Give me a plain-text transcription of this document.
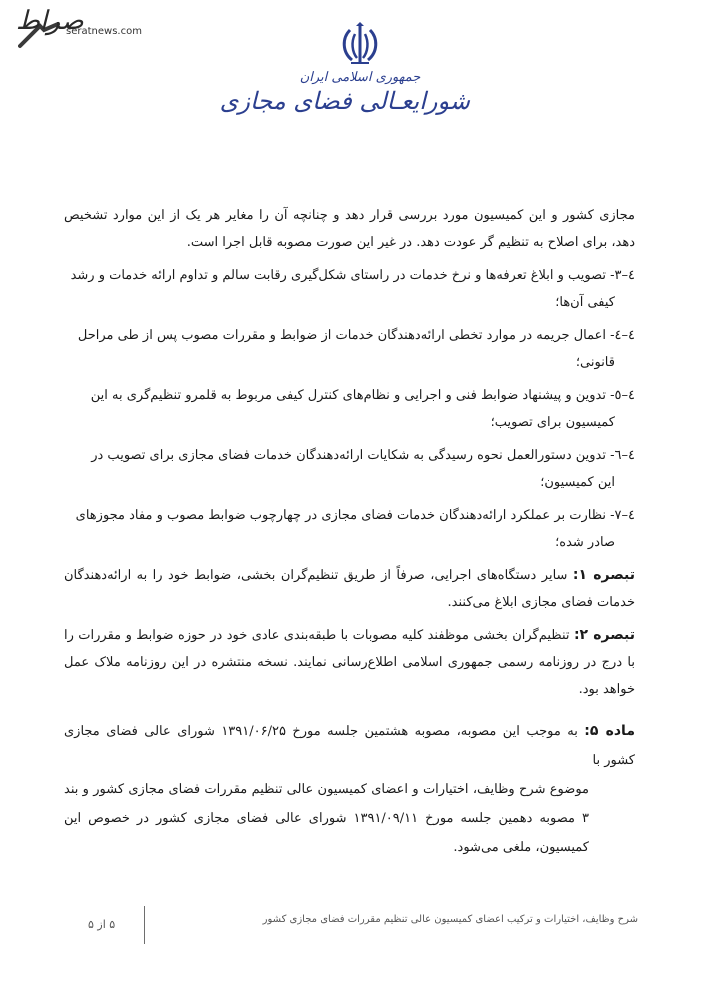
صراط
seratnews.com
جمهوری اسلامی ایران
شورایعـالی فضای مجازی

مجازی کشور و این کمیسیون مورد بررسی قرار دهد و چنانچه آن را مغایر هر یک از این موارد تشخیص دهد، برای اصلاح به تنظیم گر عودت دهد. در غیر این صورت مصوبه قابل اجرا است.

٤–٣- تصویب و ابلاغ تعرفه‌ها و نرخ خدمات در راستای شکل‌گیری رقابت سالم و تداوم ارائه خدمات و رشد

کیفی آن‌ها؛

٤–٤- اعمال جریمه در موارد تخطی ارائه‌دهندگان خدمات از ضوابط و مقررات مصوب پس از طی مراحل

قانونی؛

٤–٥- تدوین و پیشنهاد ضوابط فنی و اجرایی و نظام‌های کنترل کیفی مربوط به قلمرو تنظیم‌گری به این

کمیسیون برای تصویب؛

٤–٦- تدوین دستورالعمل نحوه رسیدگی به شکایات ارائه‌دهندگان خدمات فضای مجازی برای تصویب در

این کمیسیون؛

٤–٧- نظارت بر عملکرد ارائه‌دهندگان خدمات فضای مجازی در چهارچوب ضوابط مصوب و مفاد مجوزهای

صادر شده؛

تبصره ۱: سایر دستگاه‌های اجرایی، صرفاً از طریق تنظیم‌گران بخشی، ضوابط خود را به ارائه‌دهندگان خدمات فضای مجازی ابلاغ می‌کنند.

تبصره ۲: تنظیم‌گران بخشی موظفند کلیه مصوبات با طبقه‌بندی عادی خود در حوزه ضوابط و مقررات را با درج در روزنامه رسمی جمهوری اسلامی اطلاع‌رسانی نمایند. نسخه منتشره در این روزنامه ملاک عمل خواهد بود.

ماده ۵: به موجب این مصوبه، مصوبه هشتمین جلسه مورخ ۱۳۹۱/۰۶/۲۵ شورای عالی فضای مجازی کشور با

موضوع شرح وظایف، اختیارات و اعضای کمیسیون عالی تنظیم مقررات فضای مجازی کشور و بند ۳ مصوبه دهمین جلسه مورخ ۱۳۹۱/۰۹/۱۱ شورای عالی فضای مجازی کشور در خصوص این کمیسیون، ملغی می‌شود.

شرح وظایف، اختیارات و ترکیب اعضای کمیسیون عالی تنظیم مقررات فضای مجازی کشور
۵ از ۵
